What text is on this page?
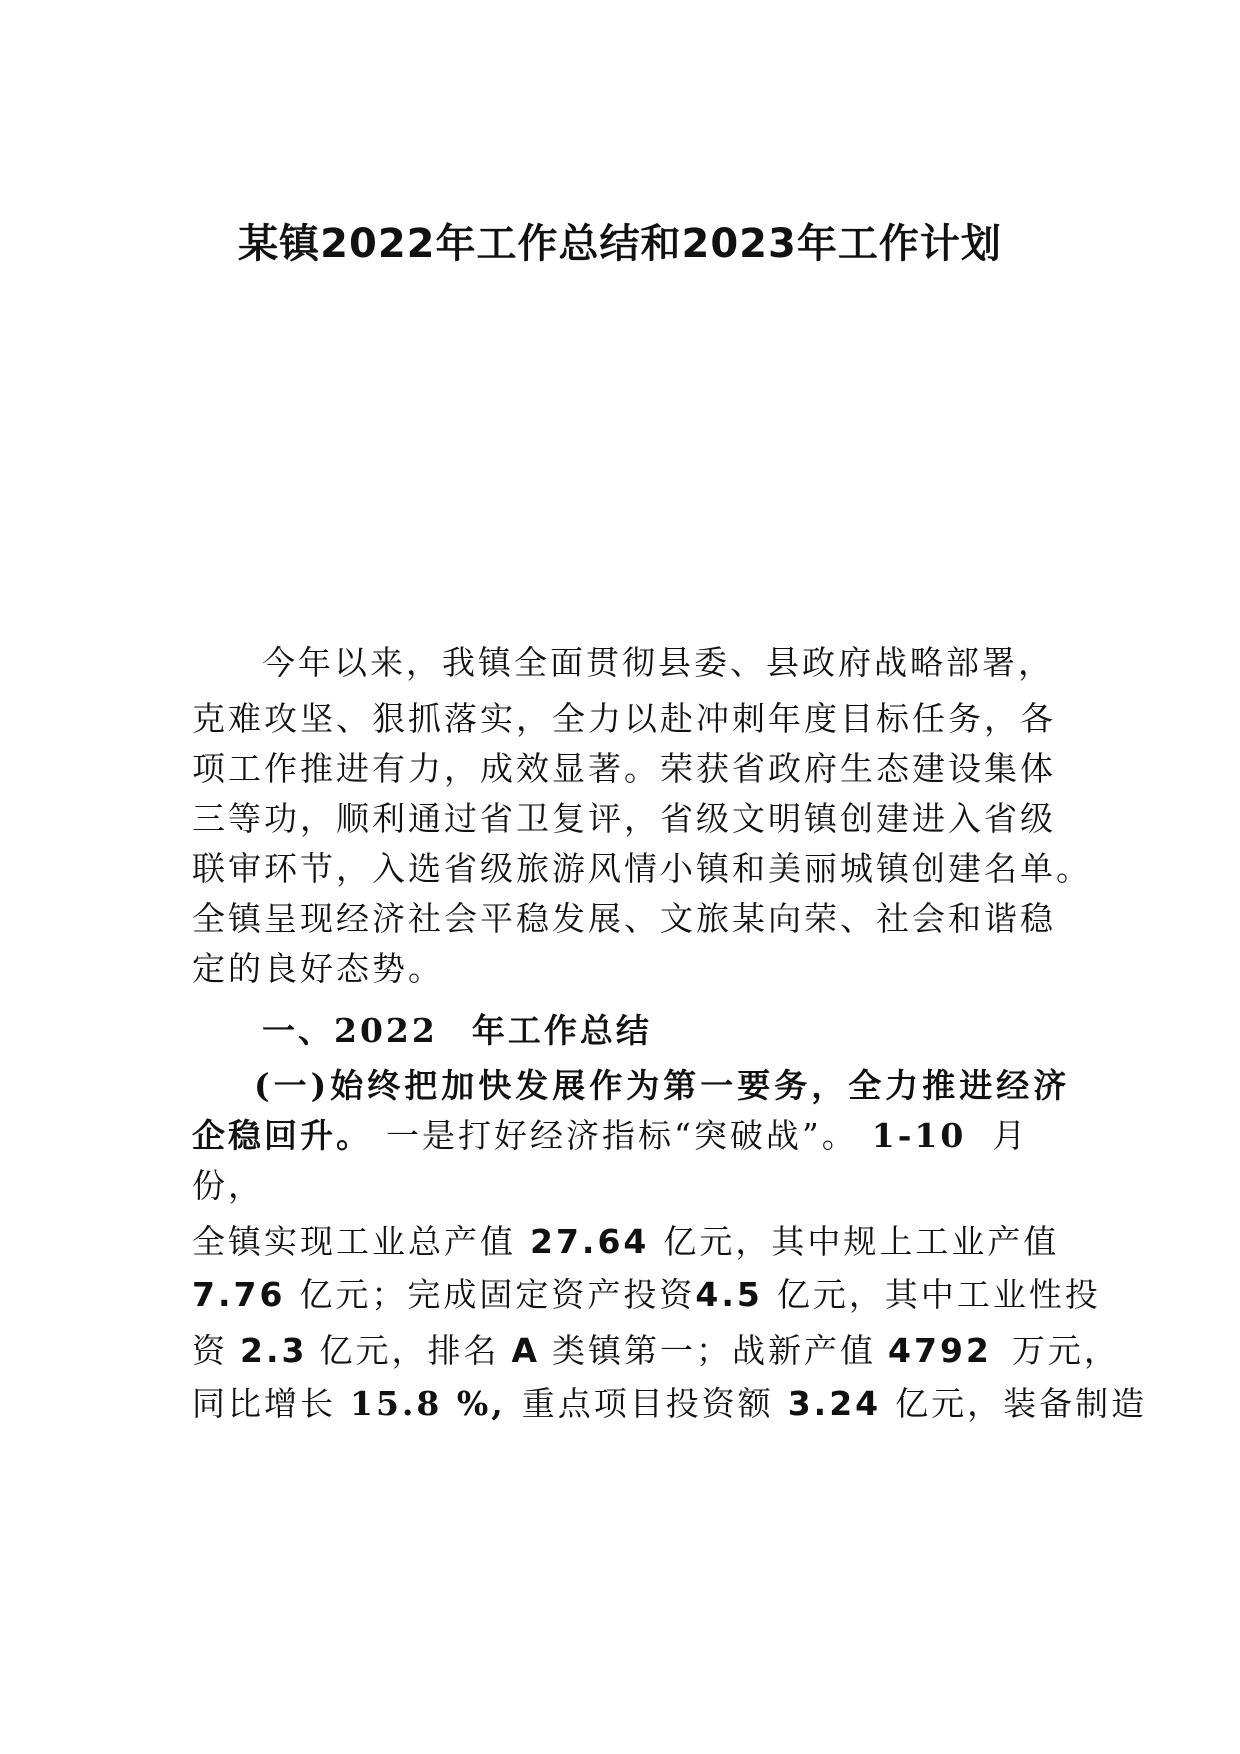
某镇2022年工作总结和2023年工作计划

今年以来，我镇全面贯彻县委、县政府战略部署，

克难攻坚、狠抓落实，全力以赴冲刺年度目标任务，各

项工作推进有力，成效显著。荣获省政府生态建设集体

三等功，顺利通过省卫复评，省级文明镇创建进入省级

联审环节，入选省级旅游风情小镇和美丽城镇创建名单。

全镇呈现经济社会平稳发展、文旅某向荣、社会和谐稳

定的良好态势。

一、2022 年工作总结

(一)始终把加快发展作为第一要务，全力推进经济

企稳回升。 一是打好经济指标“突破战”。 1-10 月

份，

全镇实现工业总产值 27.64 亿元，其中规上工业产值

7.76 亿元；完成固定资产投资4.5 亿元，其中工业性投

资 2.3 亿元，排名 A 类镇第一；战新产值 4792 万元，

同比增长 15.8 %, 重点项目投资额 3.24 亿元，装备制造
